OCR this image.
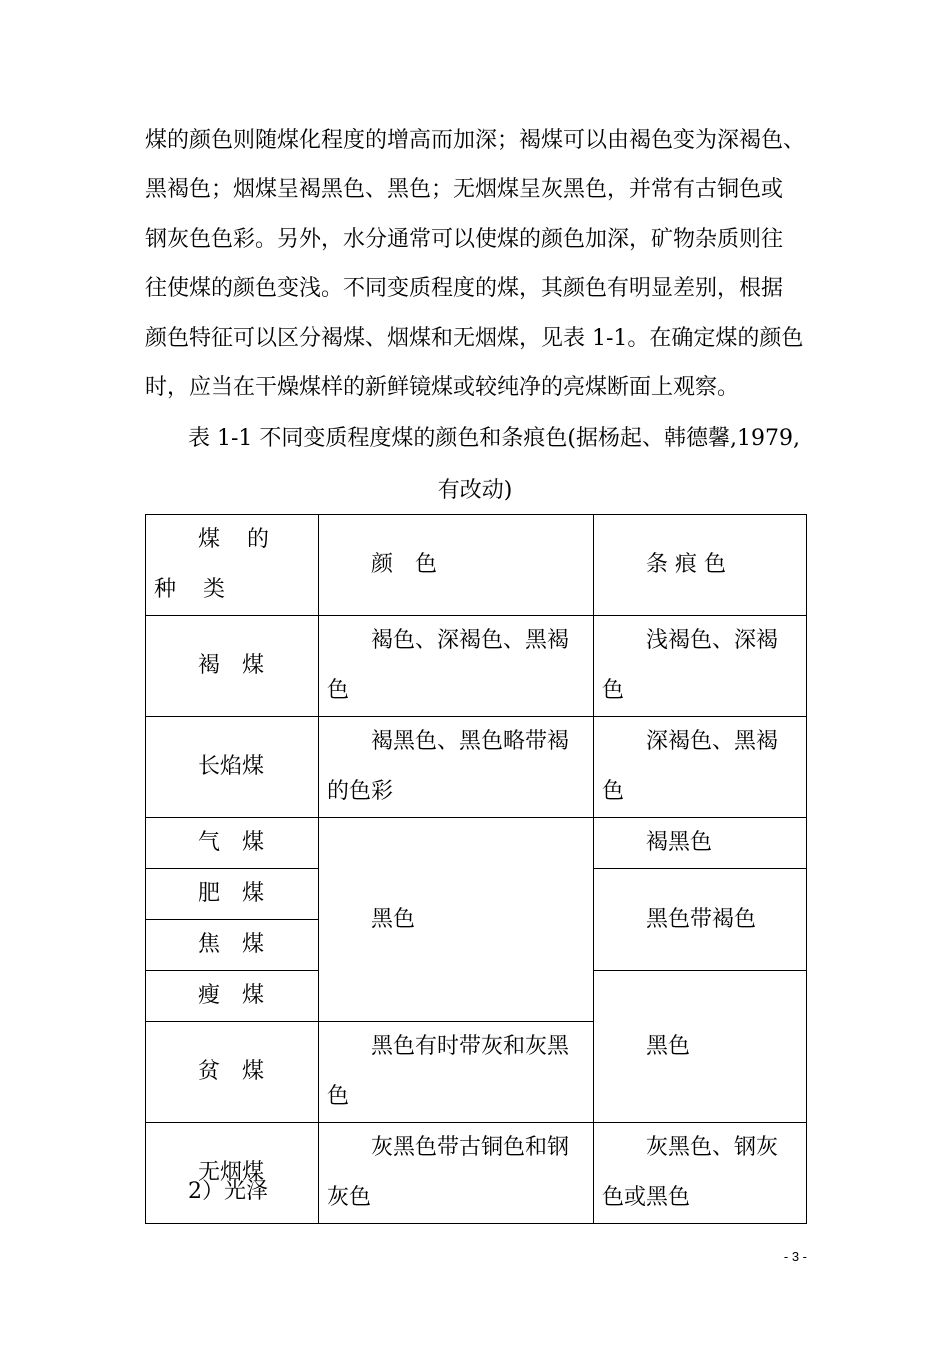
煤的颜色则随煤化程度的增高而加深；褐煤可以由褐色变为深褐色、
黑褐色；烟煤呈褐黑色、黑色；无烟煤呈灰黑色，并常有古铜色或
钢灰色色彩。另外，水分通常可以使煤的颜色加深，矿物杂质则往
往使煤的颜色变浅。不同变质程度的煤，其颜色有明显差别，根据
颜色特征可以区分褐煤、烟煤和无烟煤，见表 1-1。在确定煤的颜色
时，应当在干燥煤样的新鲜镜煤或较纯净的亮煤断面上观察。
表 1-1 不同变质程度煤的颜色和条痕色(据杨起、韩德馨,1979,
有改动)
煤 的 种 类	颜　色	条 痕 色
褐　煤	褐色、深褐色、黑褐色	浅褐色、深褐色
长焰煤	褐黑色、黑色略带褐的色彩	深褐色、黑褐色
气　煤	黑色	褐黑色
肥　煤		黑色带褐色
焦　煤		
瘦　煤		黑色
贫　煤	黑色有时带灰和灰黑色	
无烟煤	灰黑色带古铜色和钢灰色	灰黑色、钢灰色或黑色
2）光泽
- 3 -
